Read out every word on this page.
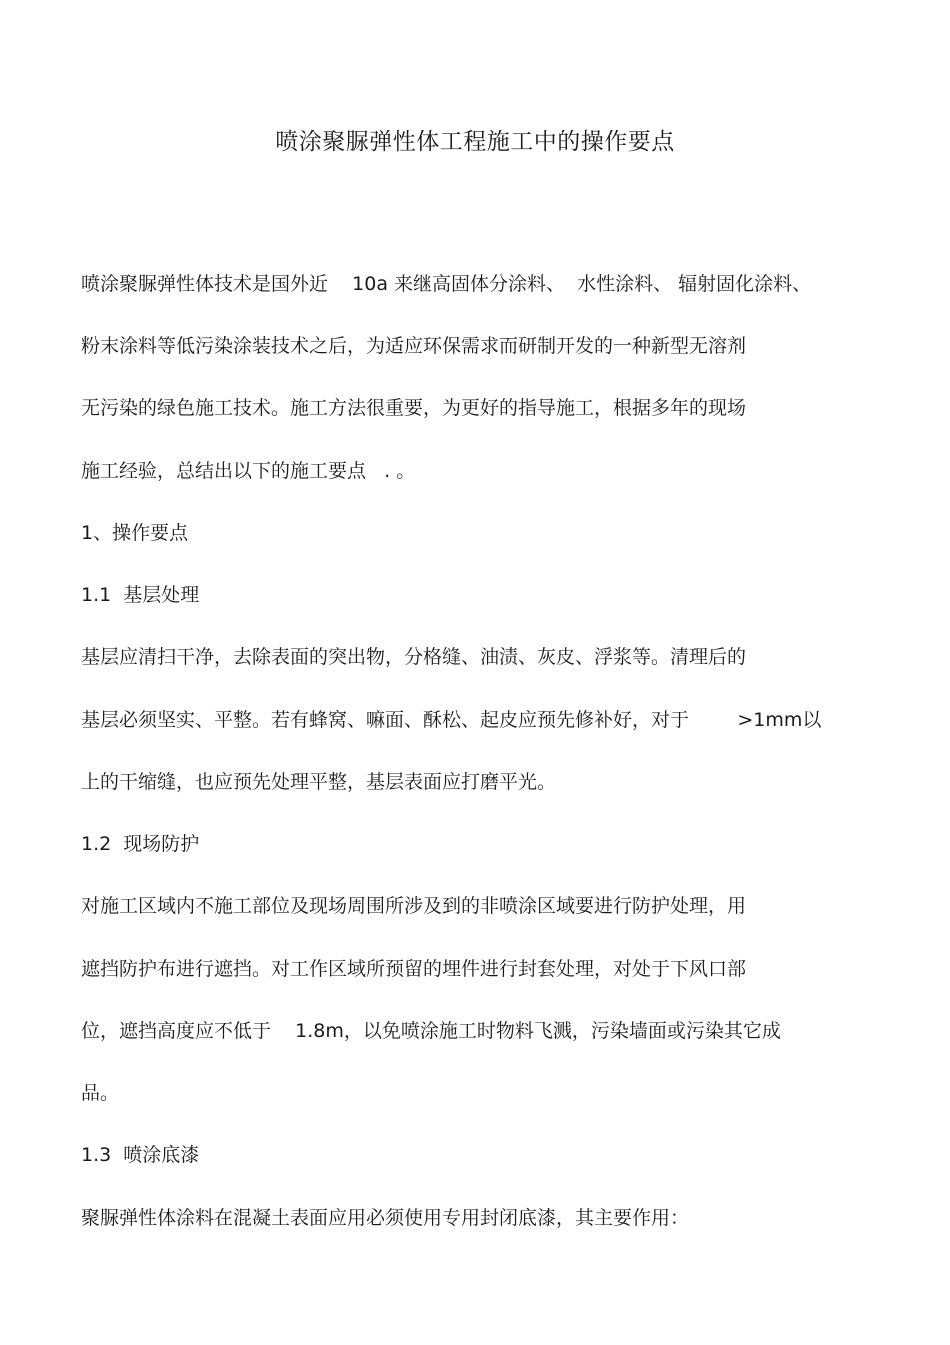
喷涂聚脲弹性体工程施工中的操作要点

喷涂聚脲弹性体技术是国外近    10a 来继高固体分涂料、  水性涂料、 辐射固化涂料、

粉末涂料等低污染涂装技术之后，为适应环保需求而研制开发的一种新型无溶剂

无污染的绿色施工技术。施工方法很重要，为更好的指导施工，根据多年的现场

施工经验，总结出以下的施工要点   . 。

1、操作要点

1.1  基层处理

基层应清扫干净，去除表面的突出物，分格缝、油渍、灰皮、浮浆等。清理后的

基层必须坚实、平整。若有蜂窝、嘛面、酥松、起皮应预先修补好，对于        >1mm以

上的干缩缝，也应预先处理平整，基层表面应打磨平光。

1.2  现场防护

对施工区域内不施工部位及现场周围所涉及到的非喷涂区域要进行防护处理，用

遮挡防护布进行遮挡。对工作区域所预留的埋件进行封套处理，对处于下风口部

位，遮挡高度应不低于    1.8m，以免喷涂施工时物料飞溅，污染墙面或污染其它成

品。

1.3  喷涂底漆

聚脲弹性体涂料在混凝土表面应用必须使用专用封闭底漆，其主要作用：
